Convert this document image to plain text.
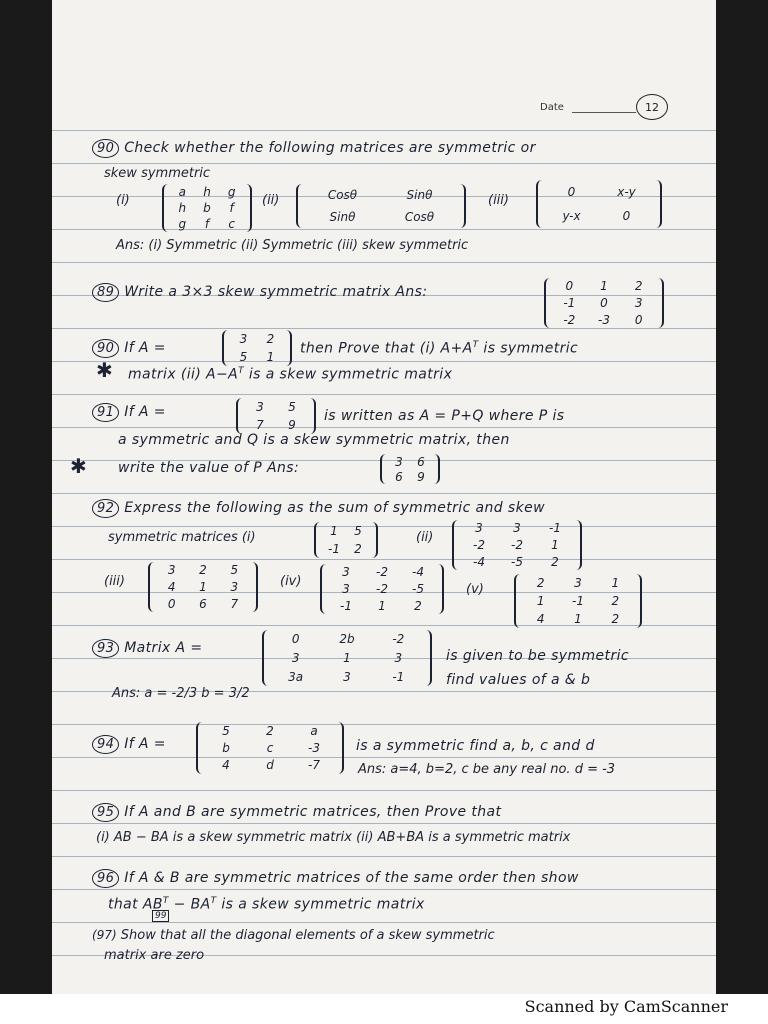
Date	12
90 Check whether the following matrices are symmetric or
skew symmetric
(i)
a h g
h b f
g f c
(ii)	Cosθ	Sinθ
Sinθ	Cosθ
(iii)
0	x-y
y-x	0
Ans: (i) Symmetric (ii) Symmetric (iii) skew symmetric
89 Write a 3×3 skew symmetric matrix Ans:	0 1 2
-1 0 3
-2 -3 0
90 If A =
3 2
5 1
then Prove that (i) $A+A^T$ is symmetric
✱ matrix (ii) $A-A^T$ is a skew symmetric matrix
91 If A =	3 5
7 9
is written as A = P+Q where P is
a symmetric and Q is a skew symmetric matrix, then
✱ write the value of P Ans:	3 6
6 9
92 Express the following as the sum of symmetric and skew
symmetric matrices (i)	1 5
-1 2
(ii)
3	3 -1
-2 -2 1
-4 -5 2
(iii)
3 2 5
4 1 3
0 6 7
(iv)
3 -2 -4
3 -2 -5
-1 1 2
(v)	2 3 1
1 -1 2
4 1 2
93 Matrix A =
0	2b	-2
3	1	3
3a	3	-1
is given to be symmetric
find values of a & b
Ans: a = -2/3 b = 3/2
94 If A =
5	2	a
b	c	-3
4	d	-7
is a symmetric find a, b, c and d
Ans: a=4, b=2, c be any real no. d = -3
95 If A and B are symmetric matrices, then Prove that
(i) AB − BA is a skew symmetric matrix (ii) AB+BA is a symmetric matrix
96 If A & B are symmetric matrices of the same order then show
that $AB^T - BA^T$ is a skew symmetric matrix
99
(97) Show that all the diagonal elements of a skew symmetric
matrix are zero
Scanned by CamScanner
